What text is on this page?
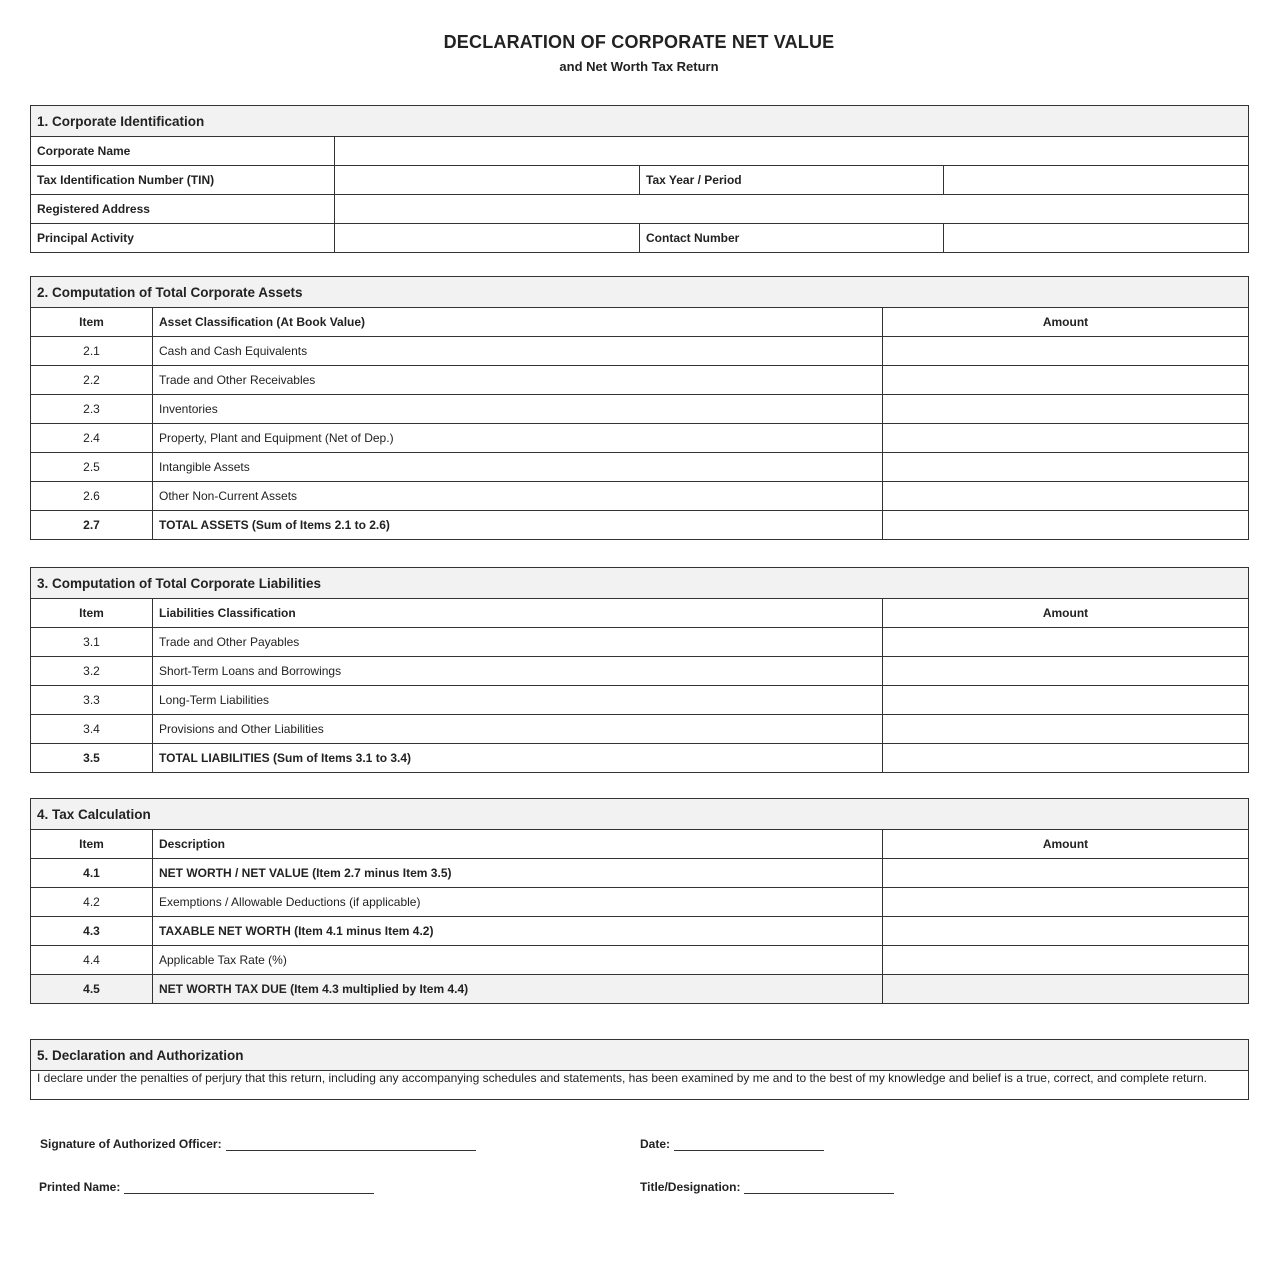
DECLARATION OF CORPORATE NET VALUE
and Net Worth Tax Return
1. Corporate Identification			
Corporate Name			
Tax Identification Number (TIN)		Tax Year / Period	
Registered Address			
Principal Activity		Contact Number	
2. Computation of Total Corporate Assets		
Item	Asset Classification (At Book Value)	Amount
2.1	Cash and Cash Equivalents	
2.2	Trade and Other Receivables	
2.3	Inventories	
2.4	Property, Plant and Equipment (Net of Dep.)	
2.5	Intangible Assets	
2.6	Other Non-Current Assets	
2.7	TOTAL ASSETS (Sum of Items 2.1 to 2.6)	
3. Computation of Total Corporate Liabilities		
Item	Liabilities Classification	Amount
3.1	Trade and Other Payables	
3.2	Short-Term Loans and Borrowings	
3.3	Long-Term Liabilities	
3.4	Provisions and Other Liabilities	
3.5	TOTAL LIABILITIES (Sum of Items 3.1 to 3.4)	
4. Tax Calculation		
Item	Description	Amount
4.1	NET WORTH / NET VALUE (Item 2.7 minus Item 3.5)	
4.2	Exemptions / Allowable Deductions (if applicable)	
4.3	TAXABLE NET WORTH (Item 4.1 minus Item 4.2)	
4.4	Applicable Tax Rate (%)	
4.5	NET WORTH TAX DUE (Item 4.3 multiplied by Item 4.4)	
5. Declaration and Authorization

I declare under the penalties of perjury that this return, including any accompanying schedules and statements, has been examined by me and to the best of my knowledge and belief is a true, correct, and complete return.
Signature of Authorized Officer:	Date:
Printed Name:	Title/Designation:
